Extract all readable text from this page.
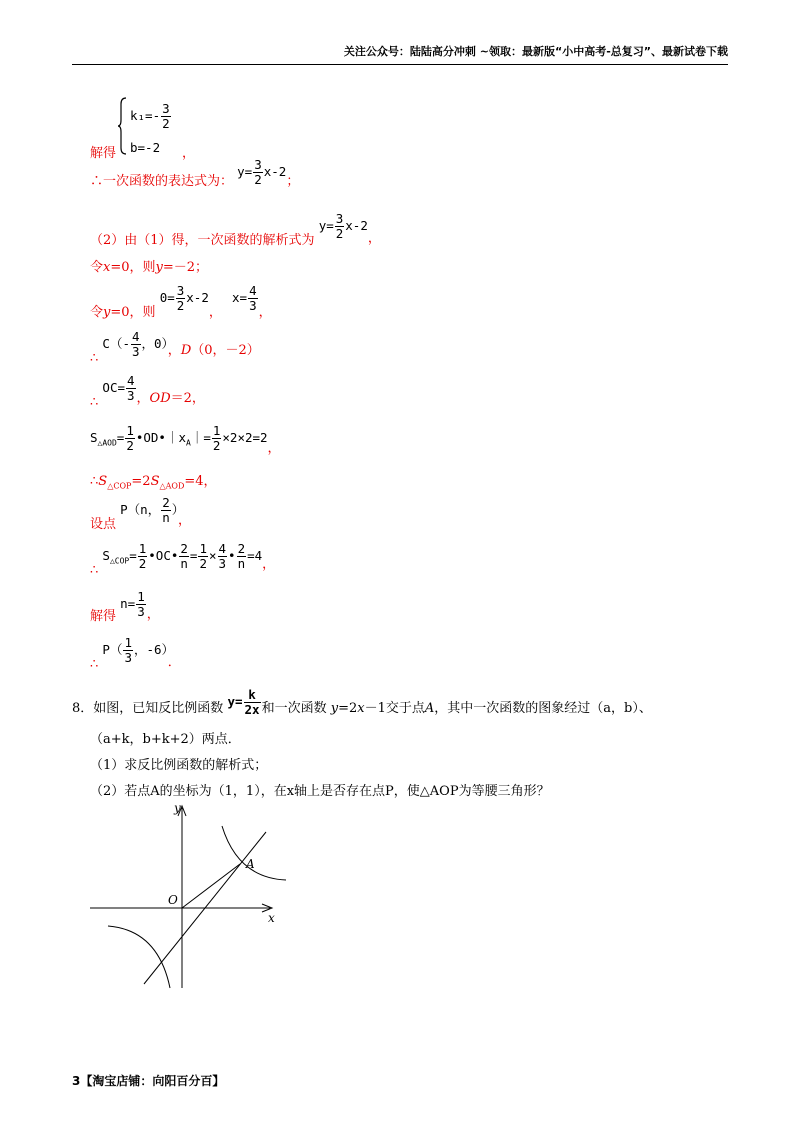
关注公众号：陆陆高分冲刺 ~领取：最新版“小中高考-总复习”、最新试卷下载
解得
$k_1=- \frac{3}{2}$
b=-2 ，
∴一次函数的表达式为： $y= \frac{3}{2} x-2$；
（2）由（1）得，一次函数的解析式为 $y= \frac{3}{2} x-2$，
令x=0，则y=－2；
令y=0，则 $0= \frac{3}{2} x-2$， $x= \frac{4}{3}$ ，
∴ $C(- \frac{4}{3}$ ，0），D（0，－2）
∴ $OC= \frac{4}{3}$ ，OD＝2，
$S_{\triangle AOD}= \frac{1}{2}$ $•OD•|x_A|= \frac{1}{2} \times 2\times 2=2$，
$\therefore S_{\triangle COP}=2S_{\triangle AOD}=4$，
设点 P（n， $\frac{2}{n}$ ），
∴ $S_{\triangle COP}= \frac{1}{2}$ •OC• $\frac{2}{n} = \frac{1}{2} \times \frac{4}{3}$ • $\frac{2}{n} =4$，
解得 $n= \frac{1}{3}$ ，
∴ $P( \frac{1}{3}$ ，-6）．
8．如图，已知反比例函数 $y= \frac{k}{2x}$ 和一次函数 y=2x－1交于点A，其中一次函数的图象经过（a，b）、
（a+k，b+k+2）两点．
（1）求反比例函数的解析式；
（2）若点A的坐标为（1，1），在x轴上是否存在点P，使△AOP为等腰三角形？
y
x
O
A
3【淘宝店铺：向阳百分百】
